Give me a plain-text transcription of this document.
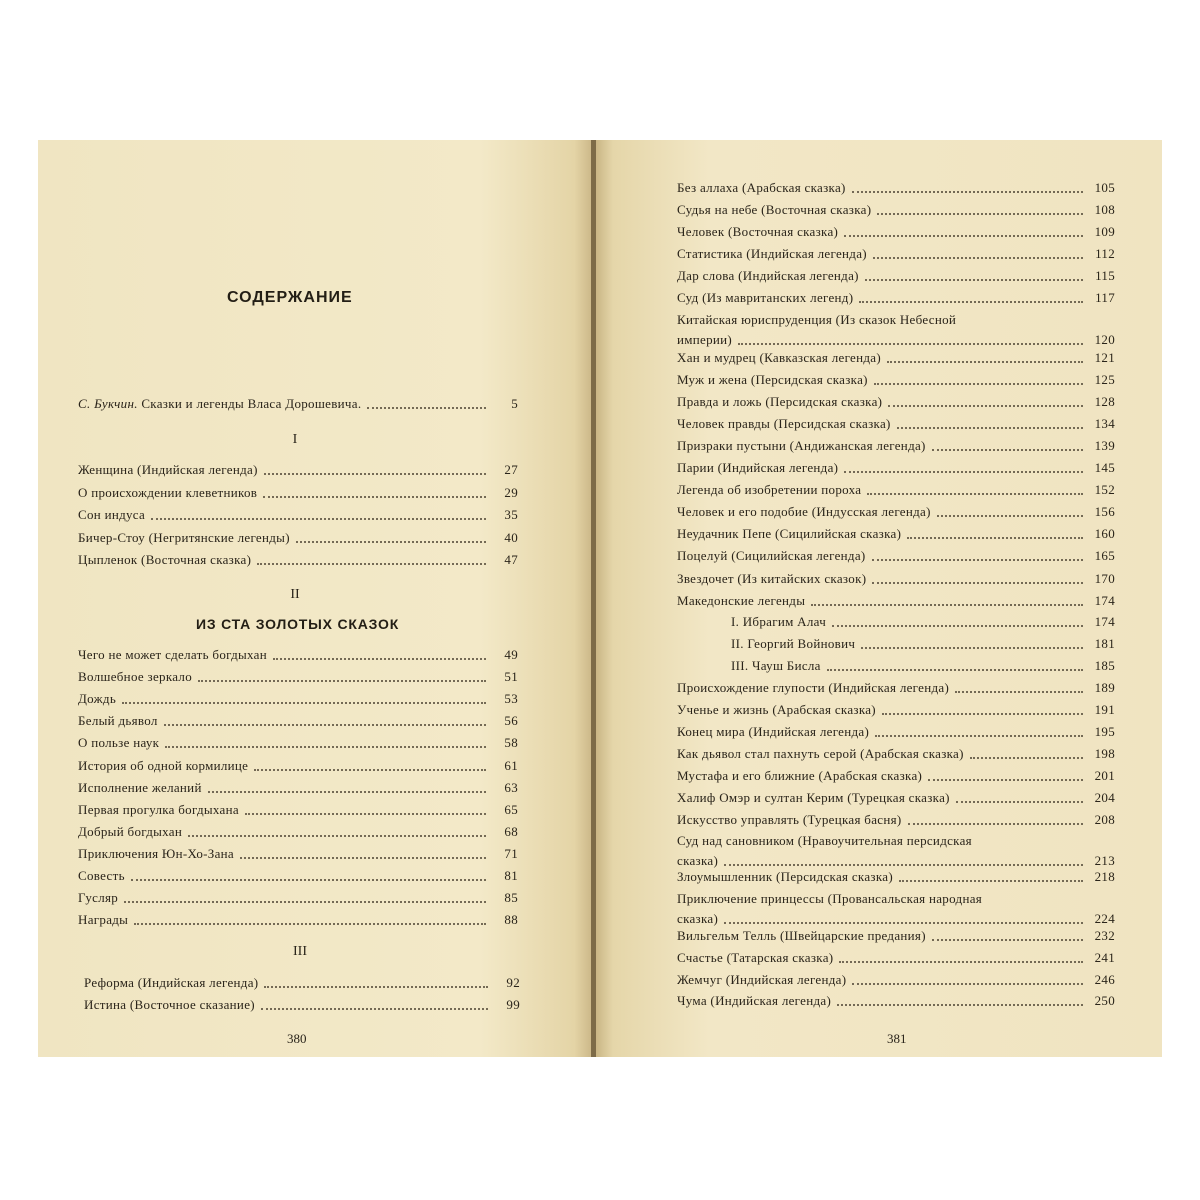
СОДЕРЖАНИЕ
С. Букчин. Сказки и легенды Власа Дорошевича.	5
I
Женщина (Индийская легенда)	27
О происхождении клеветников	29
Сон индуса	35
Бичер-Стоу (Негритянские легенды)	40
Цыпленок (Восточная сказка)	47
II
ИЗ СТА ЗОЛОТЫХ СКАЗОК
Чего не может сделать богдыхан	49
Волшебное зеркало	51
Дождь	53
Белый дьявол	56
О пользе наук	58
История об одной кормилице	61
Исполнение желаний	63
Первая прогулка богдыхана	65
Добрый богдыхан	68
Приключения Юн-Хо-Зана	71
Совесть	81
Гусляр	85
Награды	88
III
Реформа (Индийская легенда)	92
Истина (Восточное сказание)	99
380
Без аллаха (Арабская сказка)	105
Судья на небе (Восточная сказка)	108
Человек (Восточная сказка)	109
Статистика (Индийская легенда)	112
Дар слова (Индийская легенда)	115
Суд (Из мавританских легенд)	117
Китайская юриспруденция (Из сказок Небесной
империи)	120
Хан и мудрец (Кавказская легенда)	121
Муж и жена (Персидская сказка)	125
Правда и ложь (Персидская сказка)	128
Человек правды (Персидская сказка)	134
Призраки пустыни (Андижанская легенда)	139
Парии (Индийская легенда)	145
Легенда об изобретении пороха	152
Человек и его подобие (Индусская легенда)	156
Неудачник Пепе (Сицилийская сказка)	160
Поцелуй (Сицилийская легенда)	165
Звездочет (Из китайских сказок)	170
Македонские легенды	174
I. Ибрагим Алач	174
II. Георгий Войнович	181
III. Чауш Бисла	185
Происхождение глупости (Индийская легенда)	189
Ученье и жизнь (Арабская сказка)	191
Конец мира (Индийская легенда)	195
Как дьявол стал пахнуть серой (Арабская сказка)	198
Мустафа и его ближние (Арабская сказка)	201
Халиф Омэр и султан Керим (Турецкая сказка)	204
Искусство управлять (Турецкая басня)	208
Суд над сановником (Нравоучительная персидская
сказка)	213
Злоумышленник (Персидская сказка)	218
Приключение принцессы (Провансальская народная
сказка)	224
Вильгельм Телль (Швейцарские предания)	232
Счастье (Татарская сказка)	241
Жемчуг (Индийская легенда)	246
Чума (Индийская легенда)	250
381
